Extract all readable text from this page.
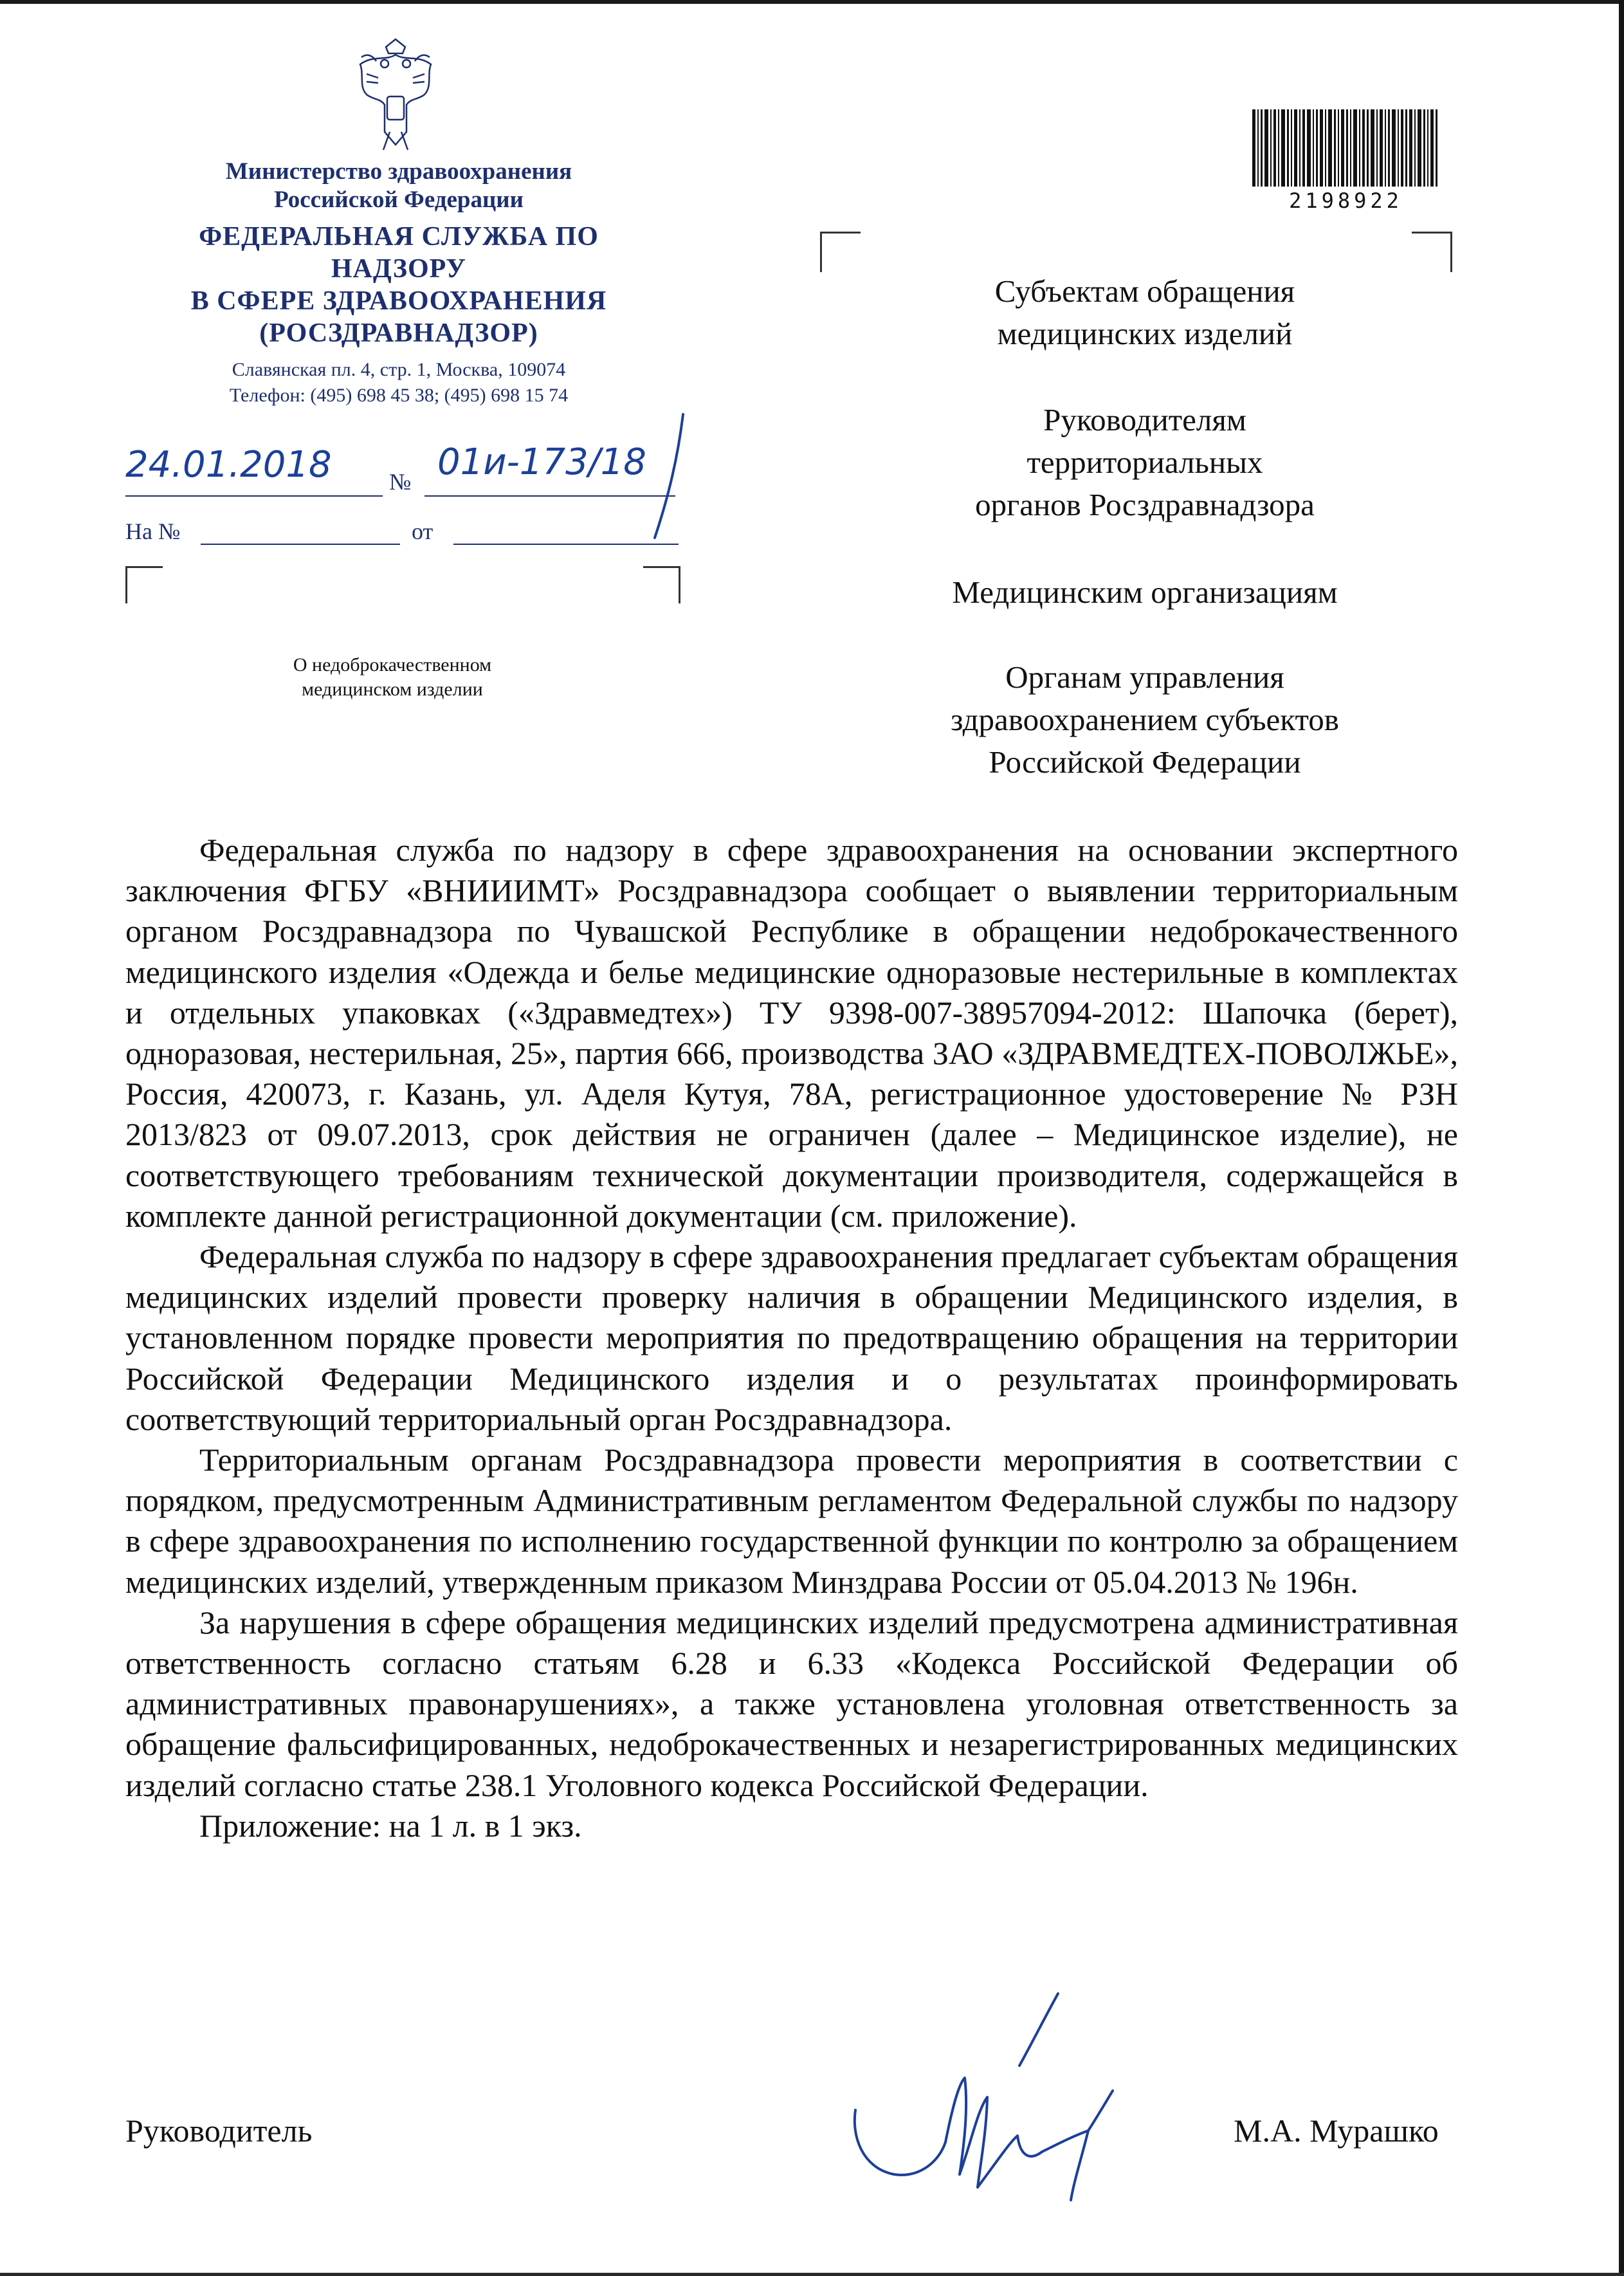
Министерство здравоохранения
Российской Федерации
ФЕДЕРАЛЬНАЯ СЛУЖБА ПО НАДЗОРУ
В СФЕРЕ ЗДРАВООХРАНЕНИЯ
(РОСЗДРАВНАДЗОР)
Славянская пл. 4, стр. 1, Москва, 109074
Телефон: (495) 698 45 38; (495) 698 15 74
24.01.2018	№ 01и-173/18
На №	от
О недоброкачественном
медицинском изделии
2198922
Субъектам обращения
медицинских изделий
Руководителям
территориальных
органов Росздравнадзора
Медицинским организациям
Органам управления
здравоохранением субъектов
Российской Федерации

Федеральная служба по надзору в сфере здравоохранения на основании экспертного заключения ФГБУ «ВНИИИМТ» Росздравнадзора сообщает о выявлении территориальным органом Росздравнадзора по Чувашской Республике в обращении недоброкачественного медицинского изделия «Одежда и белье медицинские одноразовые нестерильные в комплектах и отдельных упаковках («Здравмедтех») ТУ 9398-007-38957094-2012: Шапочка (берет), одноразовая, нестерильная, 25», партия 666, производства ЗАО «ЗДРАВМЕДТЕХ-ПОВОЛЖЬЕ», Россия, 420073, г. Казань, ул. Аделя Кутуя, 78А, регистрационное удостоверение № РЗН 2013/823 от 09.07.2013, срок действия не ограничен (далее – Медицинское изделие), не соответствующего требованиям технической документации производителя, содержащейся в комплекте данной регистрационной документации (см. приложение).

Федеральная служба по надзору в сфере здравоохранения предлагает субъектам обращения медицинских изделий провести проверку наличия в обращении Медицинского изделия, в установленном порядке провести мероприятия по предотвращению обращения на территории Российской Федерации Медицинского изделия и о результатах проинформировать соответствующий территориальный орган Росздравнадзора.

Территориальным органам Росздравнадзора провести мероприятия в соответствии с порядком, предусмотренным Административным регламентом Федеральной службы по надзору в сфере здравоохранения по исполнению государственной функции по контролю за обращением медицинских изделий, утвержденным приказом Минздрава России от 05.04.2013 № 196н.

За нарушения в сфере обращения медицинских изделий предусмотрена административная ответственность согласно статьям 6.28 и 6.33 «Кодекса Российской Федерации об административных правонарушениях», а также установлена уголовная ответственность за обращение фальсифицированных, недоброкачественных и незарегистрированных медицинских изделий согласно статье 238.1 Уголовного кодекса Российской Федерации.

Приложение: на 1 л. в 1 экз.

Руководитель	М.А. Мурашко
